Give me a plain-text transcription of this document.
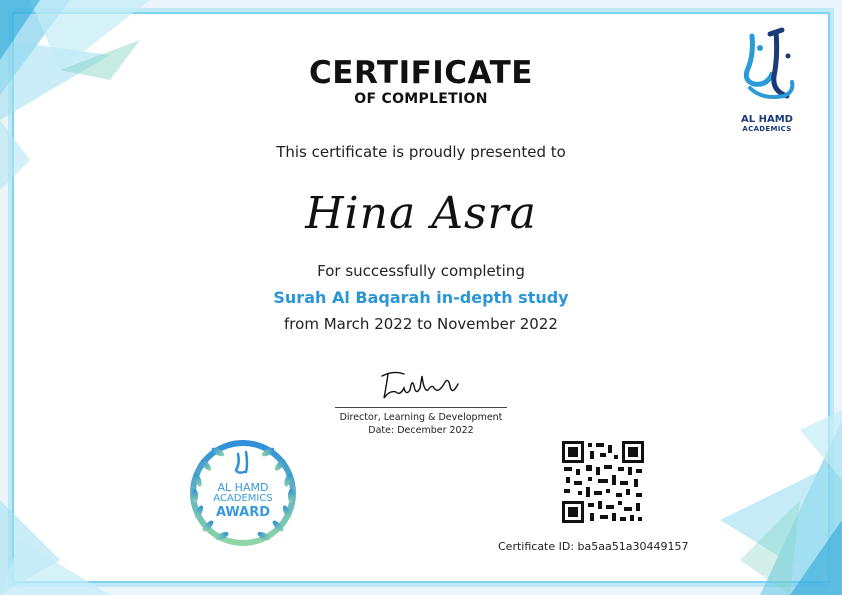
CERTIFICATE
OF COMPLETION
AL HAMD
ACADEMICS
This certificate is proudly presented to
Hina Asra
For successfully completing
Surah Al Baqarah in-depth study
from March 2022 to November 2022
Director, Learning & Development
Date: December 2022
AL HAMD
ACADEMICS
AWARD
Certificate ID: ba5aa51a30449157
